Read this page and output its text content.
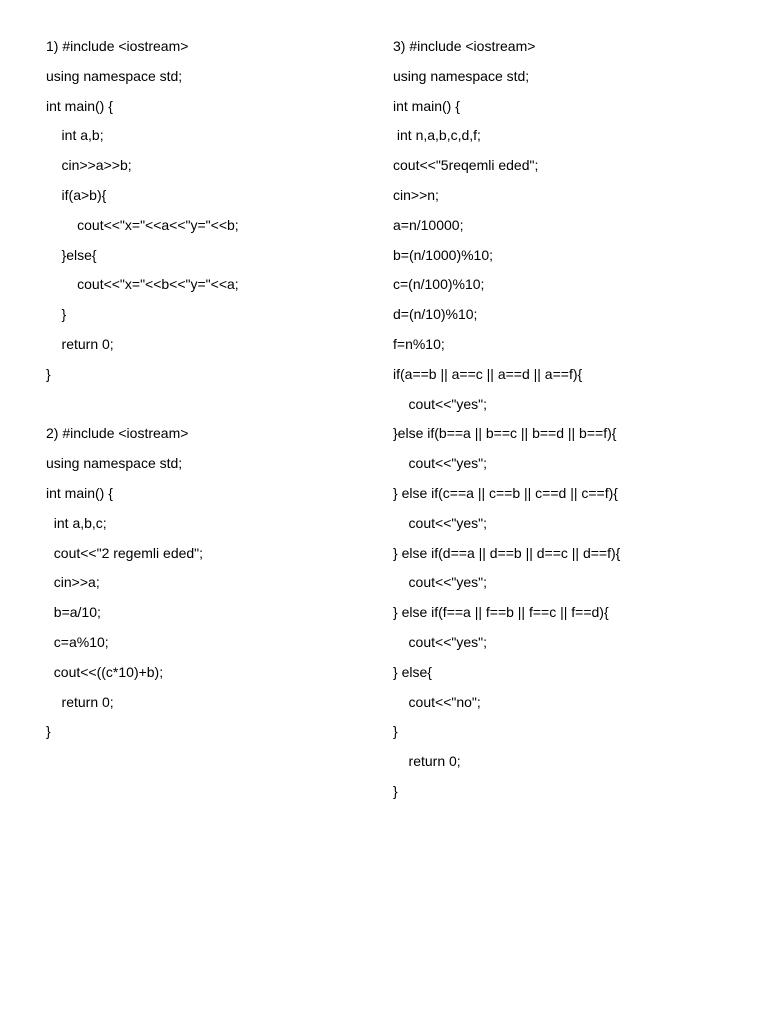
1) #include <iostream>
using namespace std;
int main() {
int a,b;
cin>>a>>b;
if(a>b){
cout<<"x="<<a<<"y="<<b;
}else{
cout<<"x="<<b<<"y="<<a;
}
return 0;
}
2) #include <iostream>
using namespace std;
int main() {
int a,b,c;
cout<<"2 regemli eded";
cin>>a;
b=a/10;
c=a%10;
cout<<((c*10)+b);
return 0;
}
3) #include <iostream>
using namespace std;
int main() {
int n,a,b,c,d,f;
cout<<"5reqemli eded";
cin>>n;
a=n/10000;
b=(n/1000)%10;
c=(n/100)%10;
d=(n/10)%10;
f=n%10;
if(a==b || a==c || a==d || a==f){
cout<<"yes";
}else if(b==a || b==c || b==d || b==f){
cout<<"yes";
} else if(c==a || c==b || c==d || c==f){
cout<<"yes";
} else if(d==a || d==b || d==c || d==f){
cout<<"yes";
} else if(f==a || f==b || f==c || f==d){
cout<<"yes";
} else{
cout<<"no";
}
return 0;
}
